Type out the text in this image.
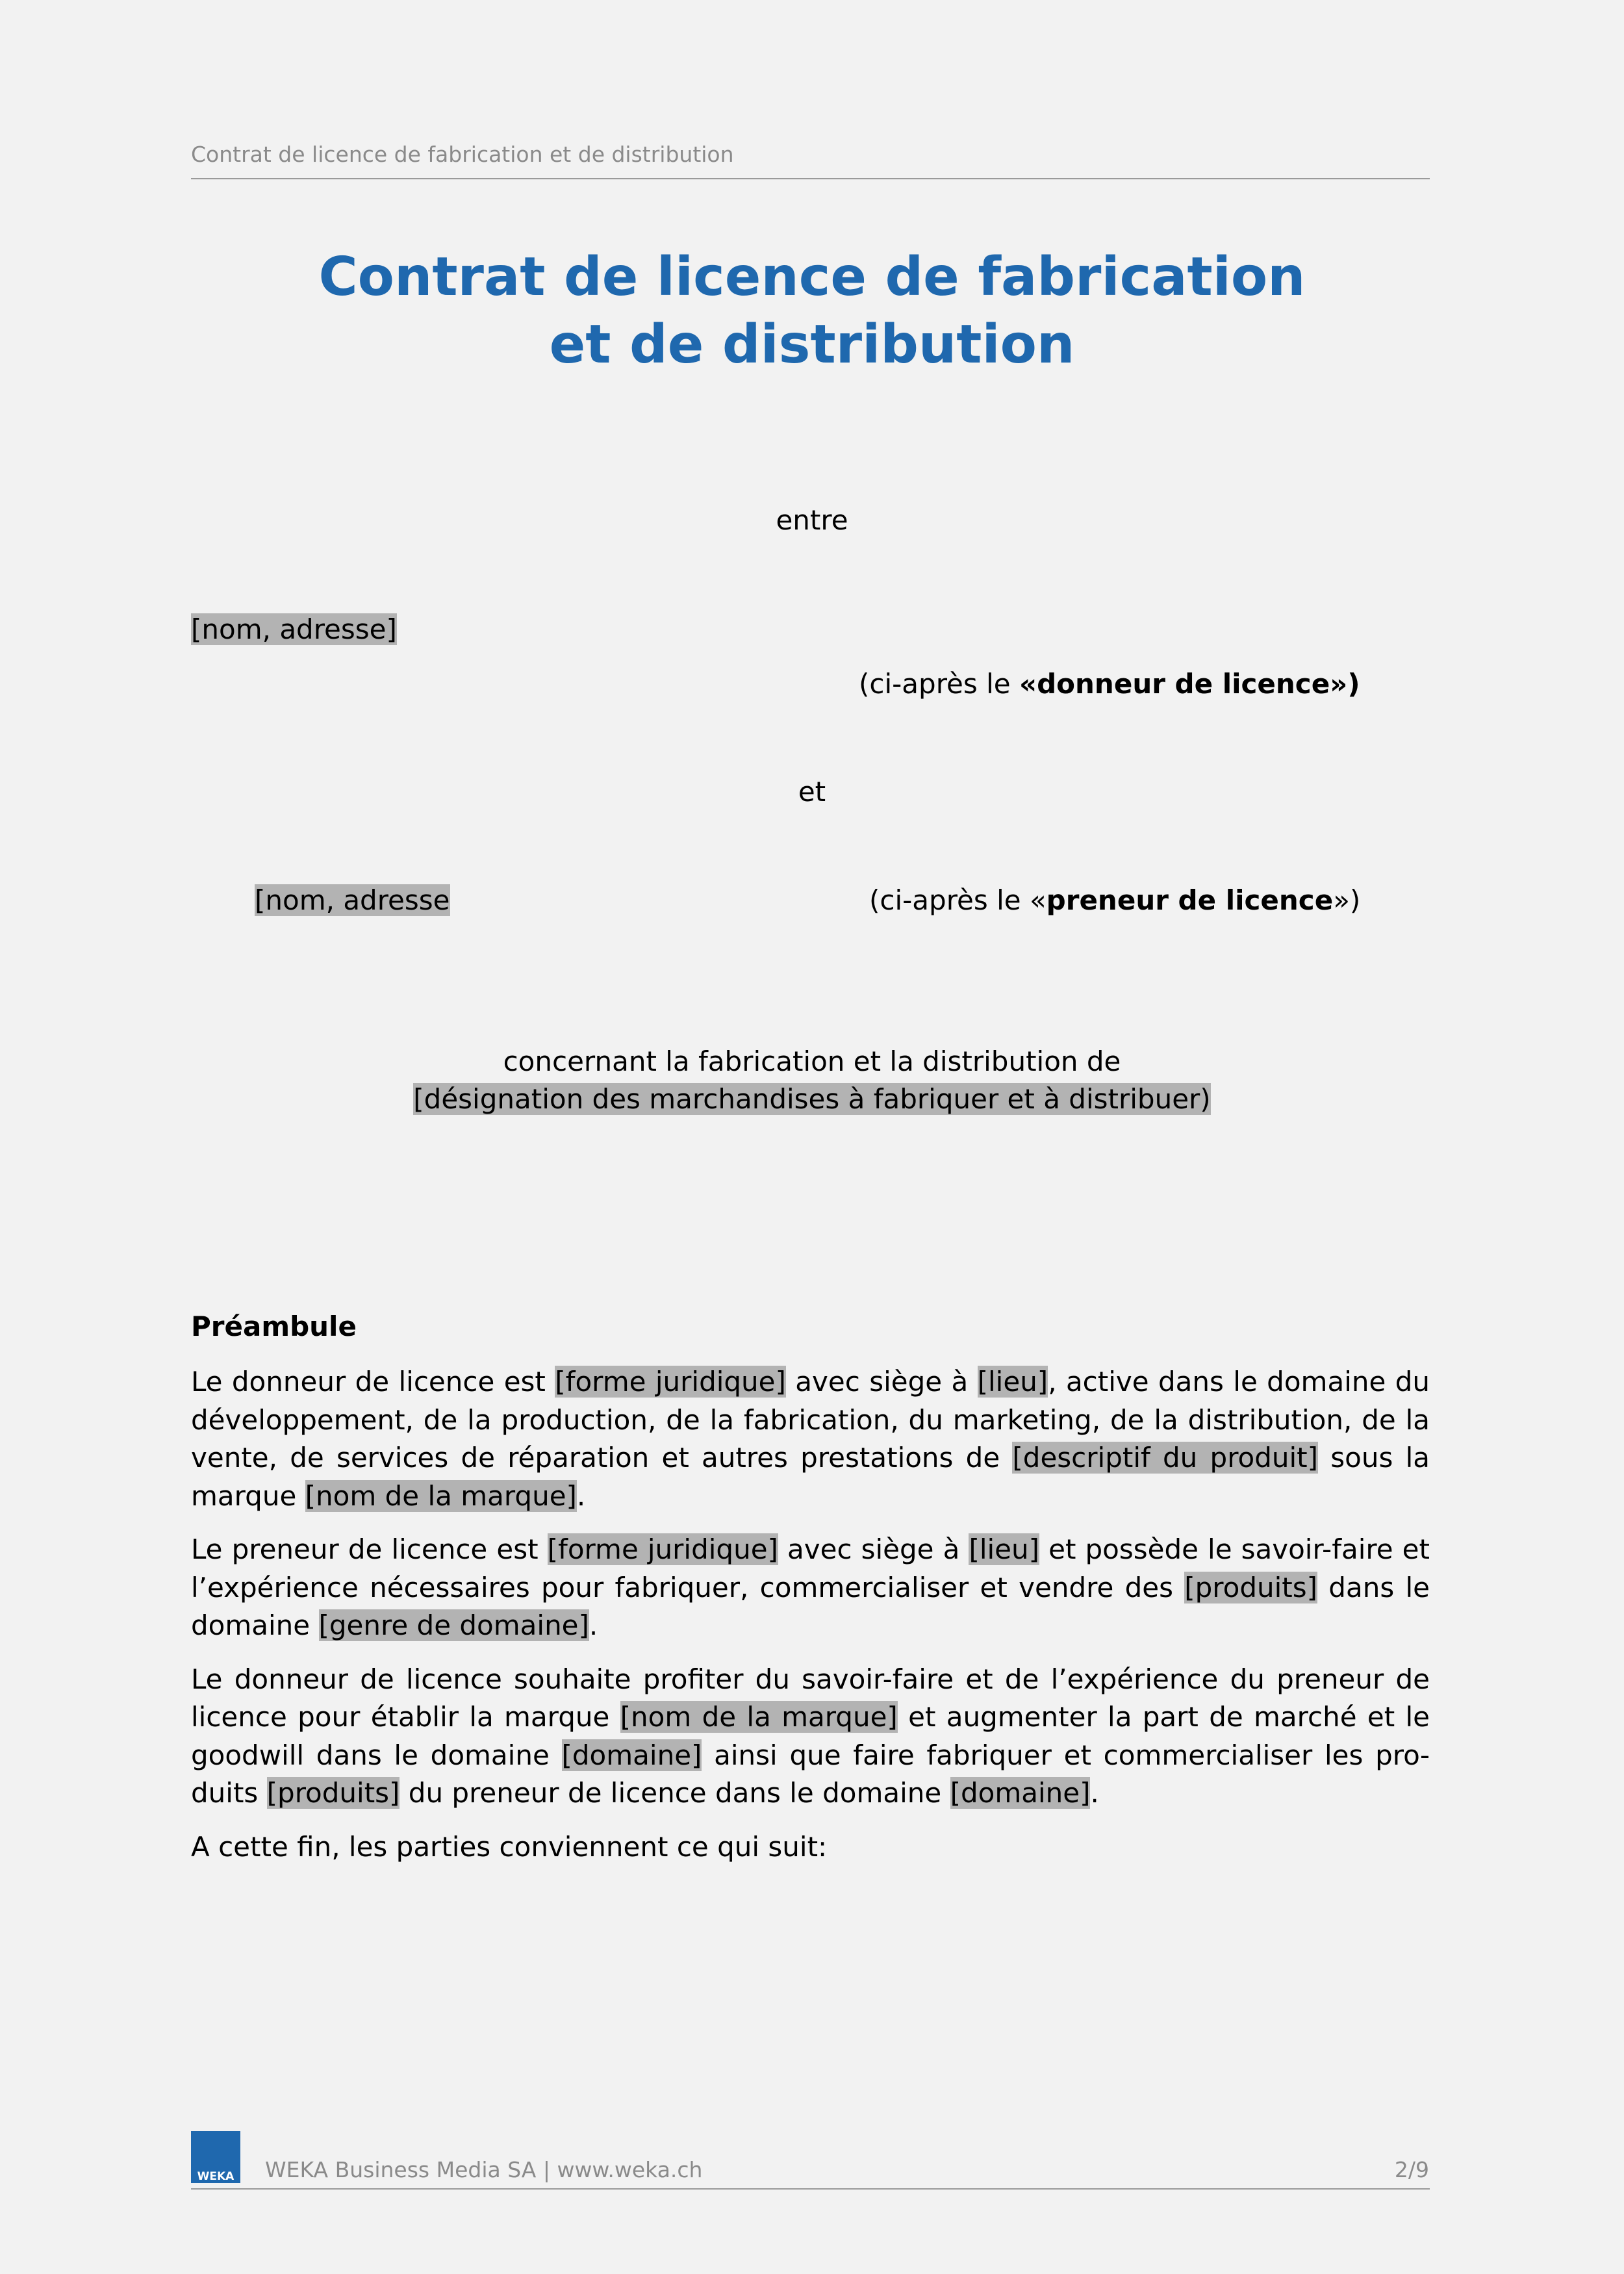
Contrat de licence de fabrication et de distribution
Contrat de licence de fabrication
et de distribution
entre
[nom, adresse]
(ci-après le «donneur de licence»)
et
[nom, adresse	(ci-après le «preneur de licence»)
concernant la fabrication et la distribution de
[désignation des marchandises à fabriquer et à distribuer)
Préambule

Le donneur de licence est [forme juridique] avec siège à [lieu], active dans le domaine du développement, de la production, de la fabrication, du marketing, de la distribution, de la vente, de services de réparation et autres prestations de [descriptif du produit] sous la marque [nom de la marque].

Le preneur de licence est [forme juridique] avec siège à [lieu] et possède le savoir-faire et l’expérience nécessaires pour fabriquer, commercialiser et vendre des [produits] dans le domaine [genre de domaine].

Le donneur de licence souhaite profiter du savoir-faire et de l’expérience du preneur de licence pour établir la marque [nom de la marque] et augmenter la part de marché et le goodwill dans le domaine [domaine] ainsi que faire fabriquer et commercialiser les produits [produits] du preneur de licence dans le domaine [domaine].

A cette fin, les parties conviennent ce qui suit:

WEKA WEKA Business Media SA | www.weka.ch	2/9
